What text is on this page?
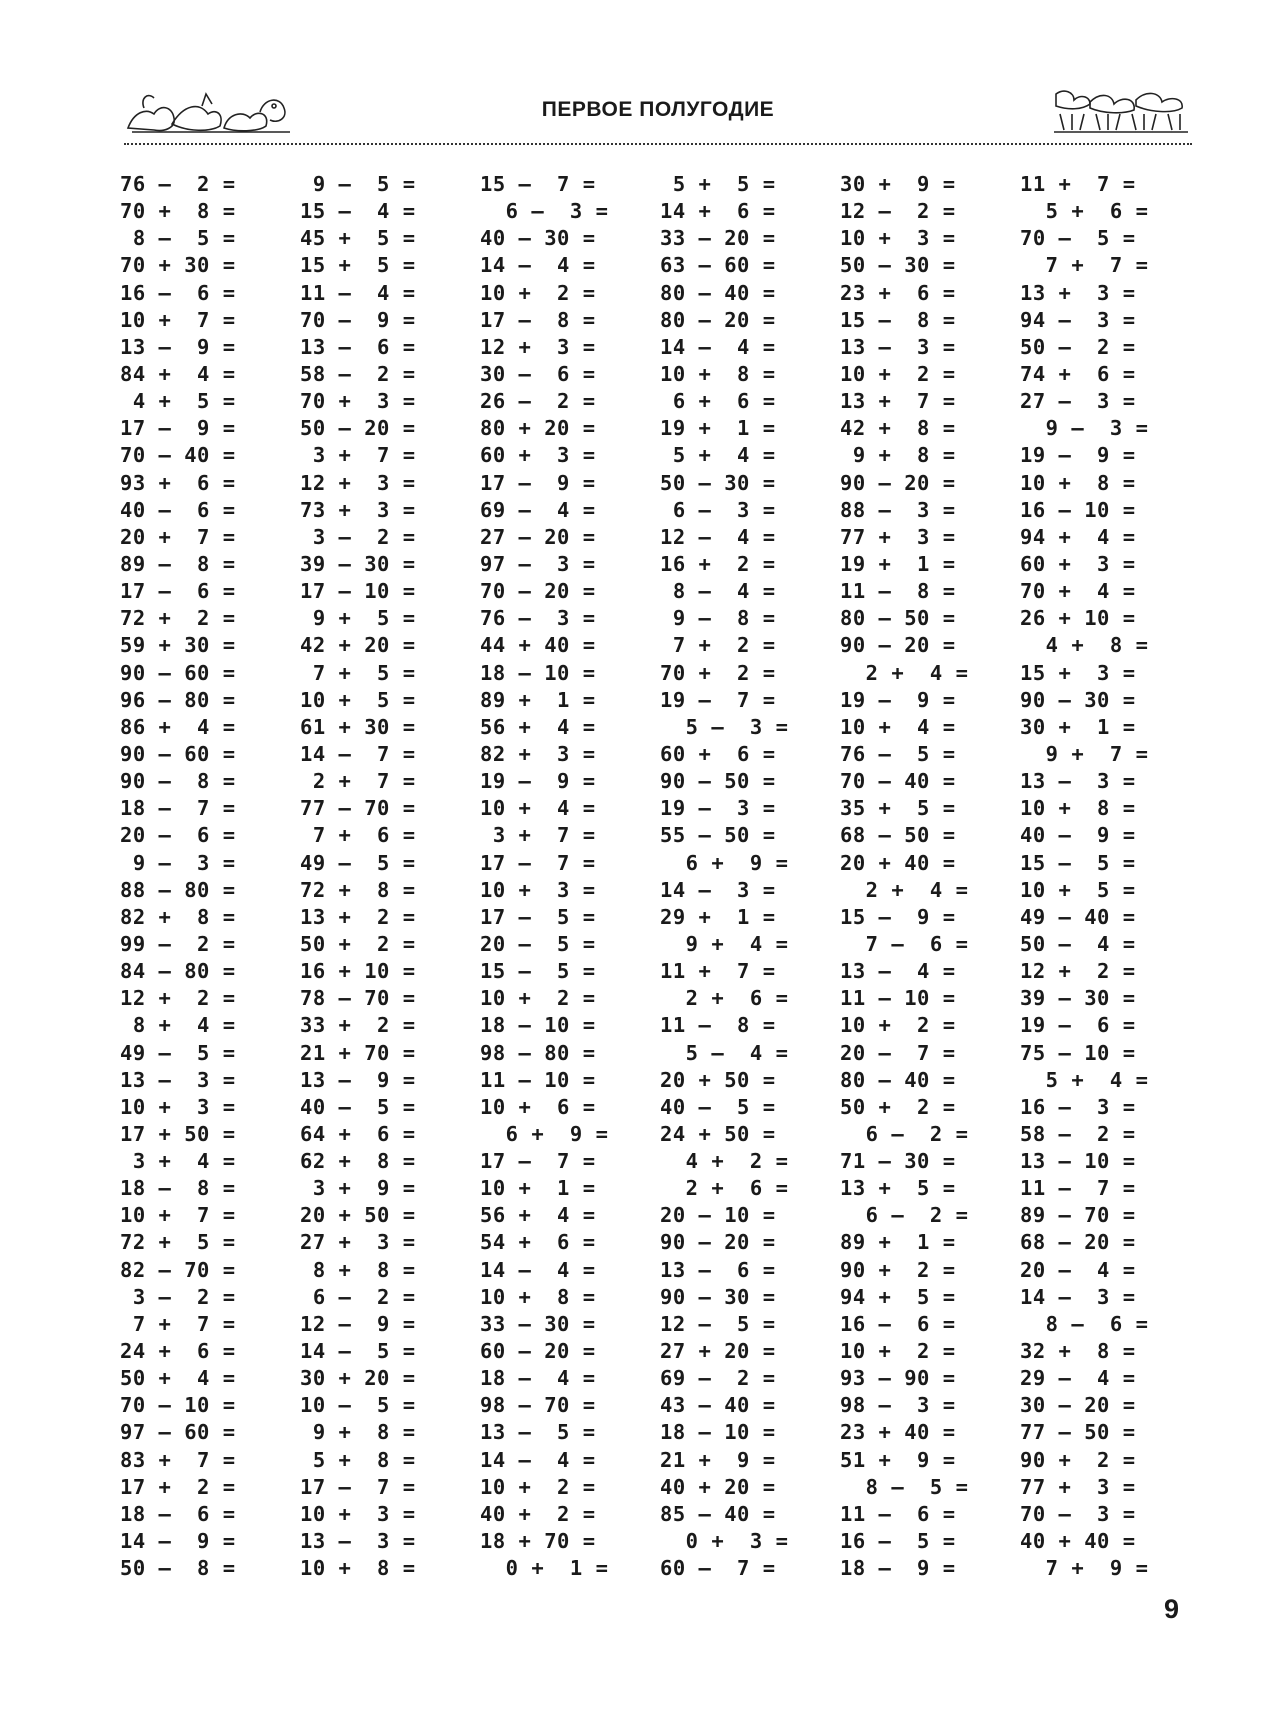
ПЕРВОЕ ПОЛУГОДИЕ
76 –  2 =
70 +  8 =
8 –  5 =
70 + 30 =
16 –  6 =
10 +  7 =
13 –  9 =
84 +  4 =
4 +  5 =
17 –  9 =
70 – 40 =
93 +  6 =
40 –  6 =
20 +  7 =
89 –  8 =
17 –  6 =
72 +  2 =
59 + 30 =
90 – 60 =
96 – 80 =
86 +  4 =
90 – 60 =
90 –  8 =
18 –  7 =
20 –  6 =
9 –  3 =
88 – 80 =
82 +  8 =
99 –  2 =
84 – 80 =
12 +  2 =
8 +  4 =
49 –  5 =
13 –  3 =
10 +  3 =
17 + 50 =
3 +  4 =
18 –  8 =
10 +  7 =
72 +  5 =
82 – 70 =
3 –  2 =
7 +  7 =
24 +  6 =
50 +  4 =
70 – 10 =
97 – 60 =
83 +  7 =
17 +  2 =
18 –  6 =
14 –  9 =
50 –  8 =
9 –  5 =
15 –  4 =
45 +  5 =
15 +  5 =
11 –  4 =
70 –  9 =
13 –  6 =
58 –  2 =
70 +  3 =
50 – 20 =
3 +  7 =
12 +  3 =
73 +  3 =
3 –  2 =
39 – 30 =
17 – 10 =
9 +  5 =
42 + 20 =
7 +  5 =
10 +  5 =
61 + 30 =
14 –  7 =
2 +  7 =
77 – 70 =
7 +  6 =
49 –  5 =
72 +  8 =
13 +  2 =
50 +  2 =
16 + 10 =
78 – 70 =
33 +  2 =
21 + 70 =
13 –  9 =
40 –  5 =
64 +  6 =
62 +  8 =
3 +  9 =
20 + 50 =
27 +  3 =
8 +  8 =
6 –  2 =
12 –  9 =
14 –  5 =
30 + 20 =
10 –  5 =
9 +  8 =
5 +  8 =
17 –  7 =
10 +  3 =
13 –  3 =
10 +  8 =
15 –  7 =
6 –  3 =
40 – 30 =
14 –  4 =
10 +  2 =
17 –  8 =
12 +  3 =
30 –  6 =
26 –  2 =
80 + 20 =
60 +  3 =
17 –  9 =
69 –  4 =
27 – 20 =
97 –  3 =
70 – 20 =
76 –  3 =
44 + 40 =
18 – 10 =
89 +  1 =
56 +  4 =
82 +  3 =
19 –  9 =
10 +  4 =
3 +  7 =
17 –  7 =
10 +  3 =
17 –  5 =
20 –  5 =
15 –  5 =
10 +  2 =
18 – 10 =
98 – 80 =
11 – 10 =
10 +  6 =
6 +  9 =
17 –  7 =
10 +  1 =
56 +  4 =
54 +  6 =
14 –  4 =
10 +  8 =
33 – 30 =
60 – 20 =
18 –  4 =
98 – 70 =
13 –  5 =
14 –  4 =
10 +  2 =
40 +  2 =
18 + 70 =
0 +  1 =
5 +  5 =
14 +  6 =
33 – 20 =
63 – 60 =
80 – 40 =
80 – 20 =
14 –  4 =
10 +  8 =
6 +  6 =
19 +  1 =
5 +  4 =
50 – 30 =
6 –  3 =
12 –  4 =
16 +  2 =
8 –  4 =
9 –  8 =
7 +  2 =
70 +  2 =
19 –  7 =
5 –  3 =
60 +  6 =
90 – 50 =
19 –  3 =
55 – 50 =
6 +  9 =
14 –  3 =
29 +  1 =
9 +  4 =
11 +  7 =
2 +  6 =
11 –  8 =
5 –  4 =
20 + 50 =
40 –  5 =
24 + 50 =
4 +  2 =
2 +  6 =
20 – 10 =
90 – 20 =
13 –  6 =
90 – 30 =
12 –  5 =
27 + 20 =
69 –  2 =
43 – 40 =
18 – 10 =
21 +  9 =
40 + 20 =
85 – 40 =
0 +  3 =
60 –  7 =
30 +  9 =
12 –  2 =
10 +  3 =
50 – 30 =
23 +  6 =
15 –  8 =
13 –  3 =
10 +  2 =
13 +  7 =
42 +  8 =
9 +  8 =
90 – 20 =
88 –  3 =
77 +  3 =
19 +  1 =
11 –  8 =
80 – 50 =
90 – 20 =
2 +  4 =
19 –  9 =
10 +  4 =
76 –  5 =
70 – 40 =
35 +  5 =
68 – 50 =
20 + 40 =
2 +  4 =
15 –  9 =
7 –  6 =
13 –  4 =
11 – 10 =
10 +  2 =
20 –  7 =
80 – 40 =
50 +  2 =
6 –  2 =
71 – 30 =
13 +  5 =
6 –  2 =
89 +  1 =
90 +  2 =
94 +  5 =
16 –  6 =
10 +  2 =
93 – 90 =
98 –  3 =
23 + 40 =
51 +  9 =
8 –  5 =
11 –  6 =
16 –  5 =
18 –  9 =
11 +  7 =
5 +  6 =
70 –  5 =
7 +  7 =
13 +  3 =
94 –  3 =
50 –  2 =
74 +  6 =
27 –  3 =
9 –  3 =
19 –  9 =
10 +  8 =
16 – 10 =
94 +  4 =
60 +  3 =
70 +  4 =
26 + 10 =
4 +  8 =
15 +  3 =
90 – 30 =
30 +  1 =
9 +  7 =
13 –  3 =
10 +  8 =
40 –  9 =
15 –  5 =
10 +  5 =
49 – 40 =
50 –  4 =
12 +  2 =
39 – 30 =
19 –  6 =
75 – 10 =
5 +  4 =
16 –  3 =
58 –  2 =
13 – 10 =
11 –  7 =
89 – 70 =
68 – 20 =
20 –  4 =
14 –  3 =
8 –  6 =
32 +  8 =
29 –  4 =
30 – 20 =
77 – 50 =
90 +  2 =
77 +  3 =
70 –  3 =
40 + 40 =
7 +  9 =
9
